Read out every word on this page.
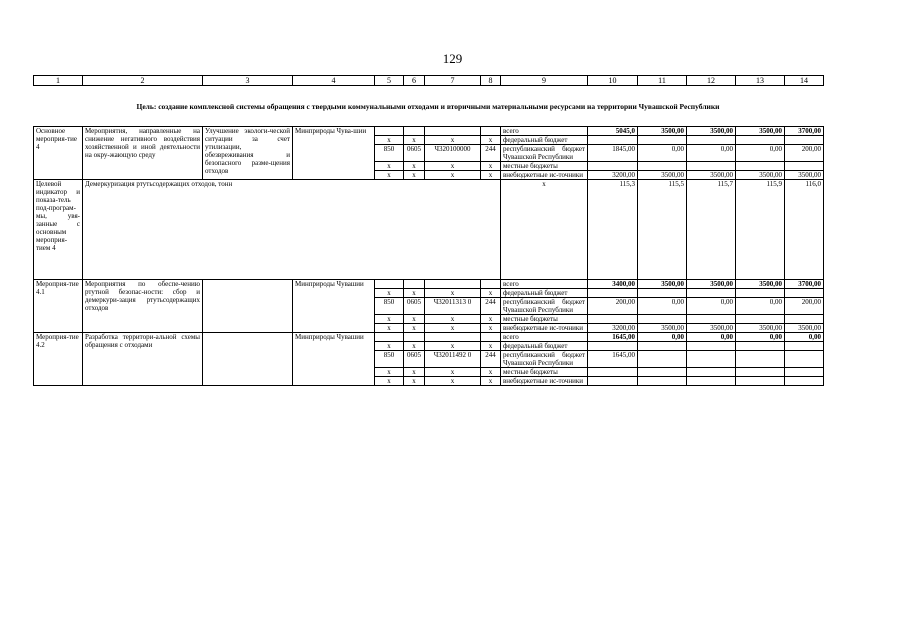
129
1	2	3	4	5	6	7	8	9	10	11	12	13	14
Цель: создание комплексной системы обращения с твердыми коммунальными отходами и вторичными материальными ресурсами на территории Чувашской Республики
Основное мероприя-тие 4	Мероприятия, направленные на снижение негативного воздействия хозяйственной и иной деятельности на окру-жающую среду	Улучшение экологи-ческой ситуации за счет утилизации, обезвреживания и безопасного разме-щения отходов	Минприроды Чува-шии					всего	5045,0	3500,00	3500,00	3500,00	3700,00
				x	x	x	x	федеральный бюджет					
				850	0605	Ч320100000	244	республиканский бюджет Чувашской Республики	1845,00	0,00	0,00	0,00	200,00
				x	x	x	x	местные бюджеты					
				x	x	x	x	внебюджетные ис-точники	3200,00	3500,00	3500,00	3500,00	3500,00
Целевой индикатор и показа-тель под-програм-мы, увя-занные с основным мероприя-тием 4	Демеркуризация ртутьсодержащих отходов, тонн							х	115,3	115,5	115,7	115,9	116,0
Мероприя-тие 4.1	Мероприятия по обеспе-чению ртутной безопас-ности: сбор и демеркури-зация ртутьсодержащих отходов		Минприроды Чувашии					всего	3400,00	3500,00	3500,00	3500,00	3700,00
				x	x	x	x	федеральный бюджет					
				850	0605	Ч32011313 0	244	республиканский бюджет Чувашской Республики	200,00	0,00	0,00	0,00	200,00
				x	x	x	x	местные бюджеты					
				x	x	x	x	внебюджетные ис-точники	3200,00	3500,00	3500,00	3500,00	3500,00
Мероприя-тие 4.2	Разработка территори-альной схемы обращения с отходами		Минприроды Чувашии					всего	1645,00	0,00	0,00	0,00	0,00
				x	x	x	x	федеральный бюджет					
				850	0605	Ч32011492 0	244	республиканский бюджет Чувашской Республики	1645,00				
				x	x	x	x	местные бюджеты					
				x	x	x	x	внебюджетные ис-точники					
